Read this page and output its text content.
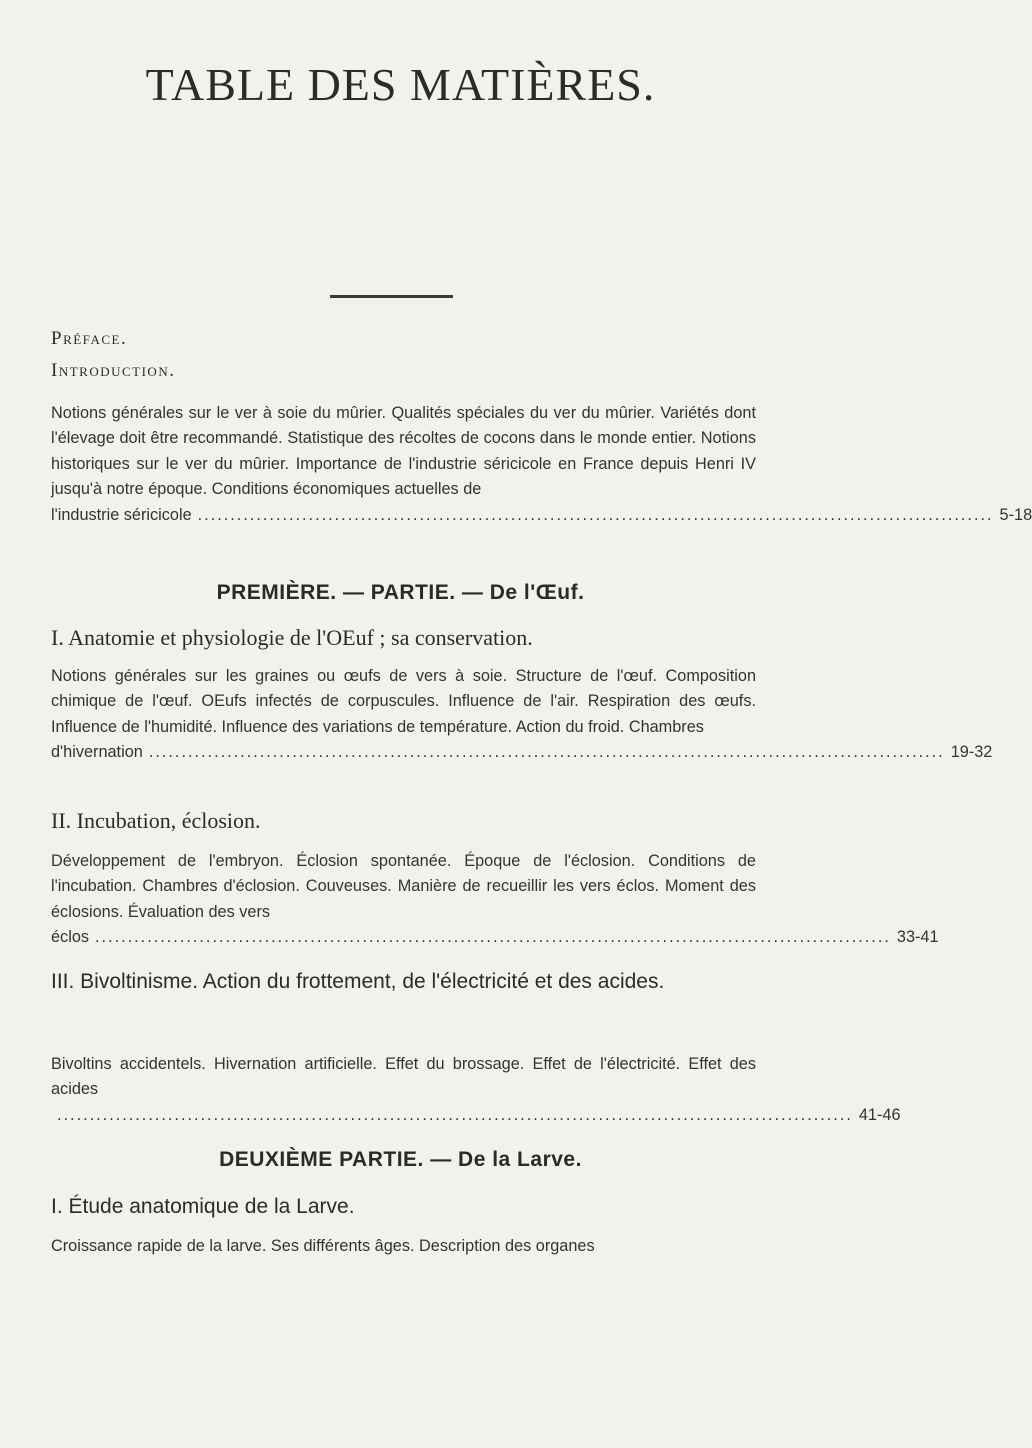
TABLE DES MATIÈRES.
Préface.
Introduction.
Notions générales sur le ver à soie du mûrier. Qualités spéciales du ver du mûrier. Variétés dont l'élevage doit être recommandé. Statistique des récoltes de cocons dans le monde entier. Notions historiques sur le ver du mûrier. Importance de l'industrie séricicole en France depuis Henri IV jusqu'à notre époque. Conditions économiques actuelles de
l'industrie séricicole .......................................................................................................................... 5-18
PREMIÈRE. — PARTIE. — De l'Œuf.
I. Anatomie et physiologie de l'OEuf ; sa conservation.
Notions générales sur les graines ou œufs de vers à soie. Structure de l'œuf. Composition chimique de l'œuf. OEufs infectés de corpuscules. Influence de l'air. Respiration des œufs. Influence de l'humidité. Influence des variations de température. Action du froid. Chambres
d'hivernation .......................................................................................................................... 19-32
II. Incubation, éclosion.
Développement de l'embryon. Éclosion spontanée. Époque de l'éclosion. Conditions de l'incubation. Chambres d'éclosion. Couveuses. Manière de recueillir les vers éclos. Moment des éclosions. Évaluation des vers
éclos .......................................................................................................................... 33-41
III. Bivoltinisme. Action du frottement, de l'électricité et des acides.
Bivoltins accidentels. Hivernation artificielle. Effet du brossage. Effet de l'électricité. Effet des acides
.......................................................................................................................... 41-46
DEUXIÈME PARTIE. — De la Larve.
I. Étude anatomique de la Larve.
Croissance rapide de la larve. Ses différents âges. Description des organes
